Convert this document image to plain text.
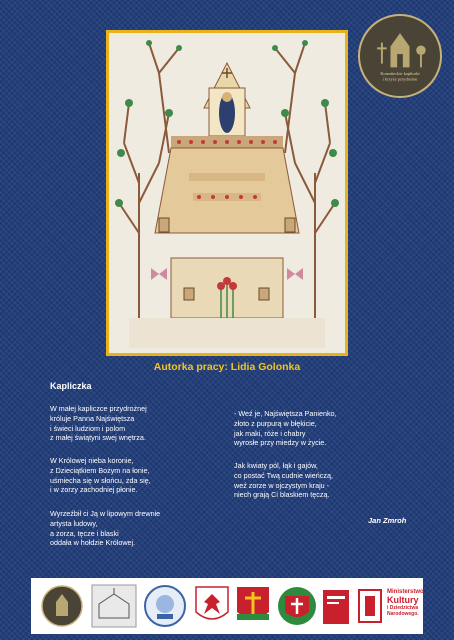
Kosmiteckie kapliczki
i krzyże przydrożne
Autorka pracy: Lidia Golonka
Kapliczka
W małej kapliczce przydrożnej
króluje Panna Najświętsza
i świeci ludziom i polom
z małej świątyni swej wnętrza.
W Królowej nieba koronie,
z Dzieciątkiem Bożym na łonie,
uśmiecha się w słońcu, zda się,
i w zorzy zachodniej płonie.
Wyrzeźbił ci Ją w lipowym drewnie
artysta ludowy,
a zorza, tęcze i blaski
oddała w hołdzie Królowej.
- Weź je, Najświętsza Panienko,
złoto z purpurą w błękicie,
jak maki, róże i chabry
wyrosłe przy miedzy w życie.
Jak kwiaty pól, łąk i gajów,
co postać Twą cudnie wieńczą,
weź zorze w ojczystym kraju -
niech grają Ci blaskiem tęczą.
Jan Zmroh
Ministerstwo
Kultury
i Dziedzictwa Narodowego.
